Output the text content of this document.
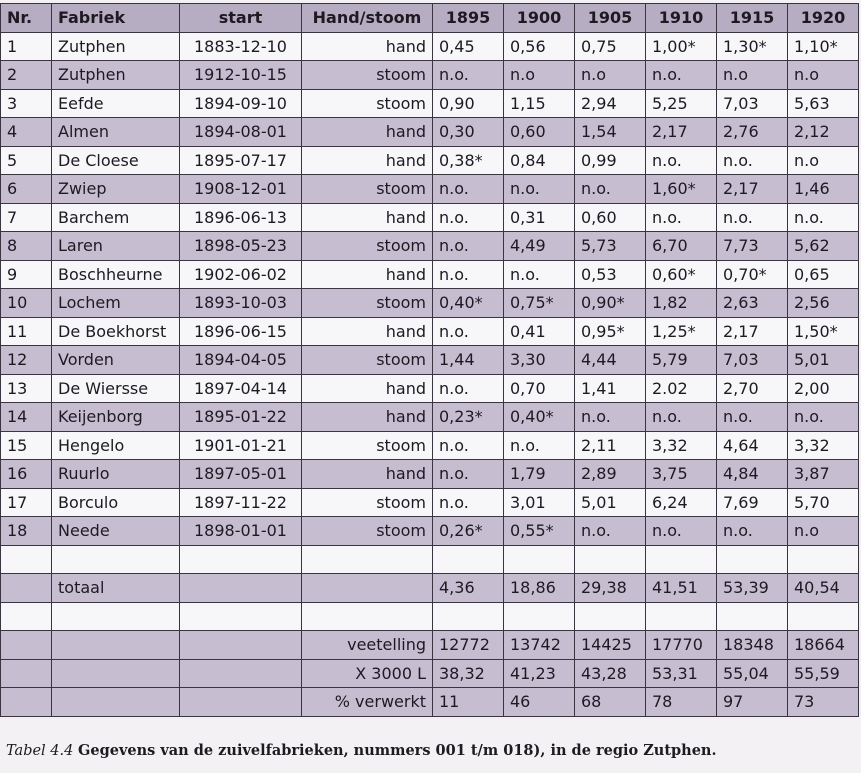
Nr.	Fabriek	start	Hand/stoom	1895	1900	1905	1910	1915	1920
1	Zutphen	1883-12-10	hand	0,45	0,56	0,75	1,00*	1,30*	1,10*
2	Zutphen	1912-10-15	stoom	n.o.	n.o	n.o	n.o.	n.o	n.o
3	Eefde	1894-09-10	stoom	0,90	1,15	2,94	5,25	7,03	5,63
4	Almen	1894-08-01	hand	0,30	0,60	1,54	2,17	2,76	2,12
5	De Cloese	1895-07-17	hand	0,38*	0,84	0,99	n.o.	n.o.	n.o
6	Zwiep	1908-12-01	stoom	n.o.	n.o.	n.o.	1,60*	2,17	1,46
7	Barchem	1896-06-13	hand	n.o.	0,31	0,60	n.o.	n.o.	n.o.
8	Laren	1898-05-23	stoom	n.o.	4,49	5,73	6,70	7,73	5,62
9	Boschheurne	1902-06-02	hand	n.o.	n.o.	0,53	0,60*	0,70*	0,65
10	Lochem	1893-10-03	stoom	0,40*	0,75*	0,90*	1,82	2,63	2,56
11	De Boekhorst	1896-06-15	hand	n.o.	0,41	0,95*	1,25*	2,17	1,50*
12	Vorden	1894-04-05	stoom	1,44	3,30	4,44	5,79	7,03	5,01
13	De Wiersse	1897-04-14	hand	n.o.	0,70	1,41	2.02	2,70	2,00
14	Keijenborg	1895-01-22	hand	0,23*	0,40*	n.o.	n.o.	n.o.	n.o.
15	Hengelo	1901-01-21	stoom	n.o.	n.o.	2,11	3,32	4,64	3,32
16	Ruurlo	1897-05-01	hand	n.o.	1,79	2,89	3,75	4,84	3,87
17	Borculo	1897-11-22	stoom	n.o.	3,01	5,01	6,24	7,69	5,70
18	Neede	1898-01-01	stoom	0,26*	0,55*	n.o.	n.o.	n.o.	n.o

	totaal			4,36	18,86	29,38	41,51	53,39	40,54

			veetelling	12772	13742	14425	17770	18348	18664
			X 3000 L	38,32	41,23	43,28	53,31	55,04	55,59
			% verwerkt	11	46	68	78	97	73
Tabel 4.4 Gegevens van de zuivelfabrieken, nummers 001 t/m 018), in de regio Zutphen.
